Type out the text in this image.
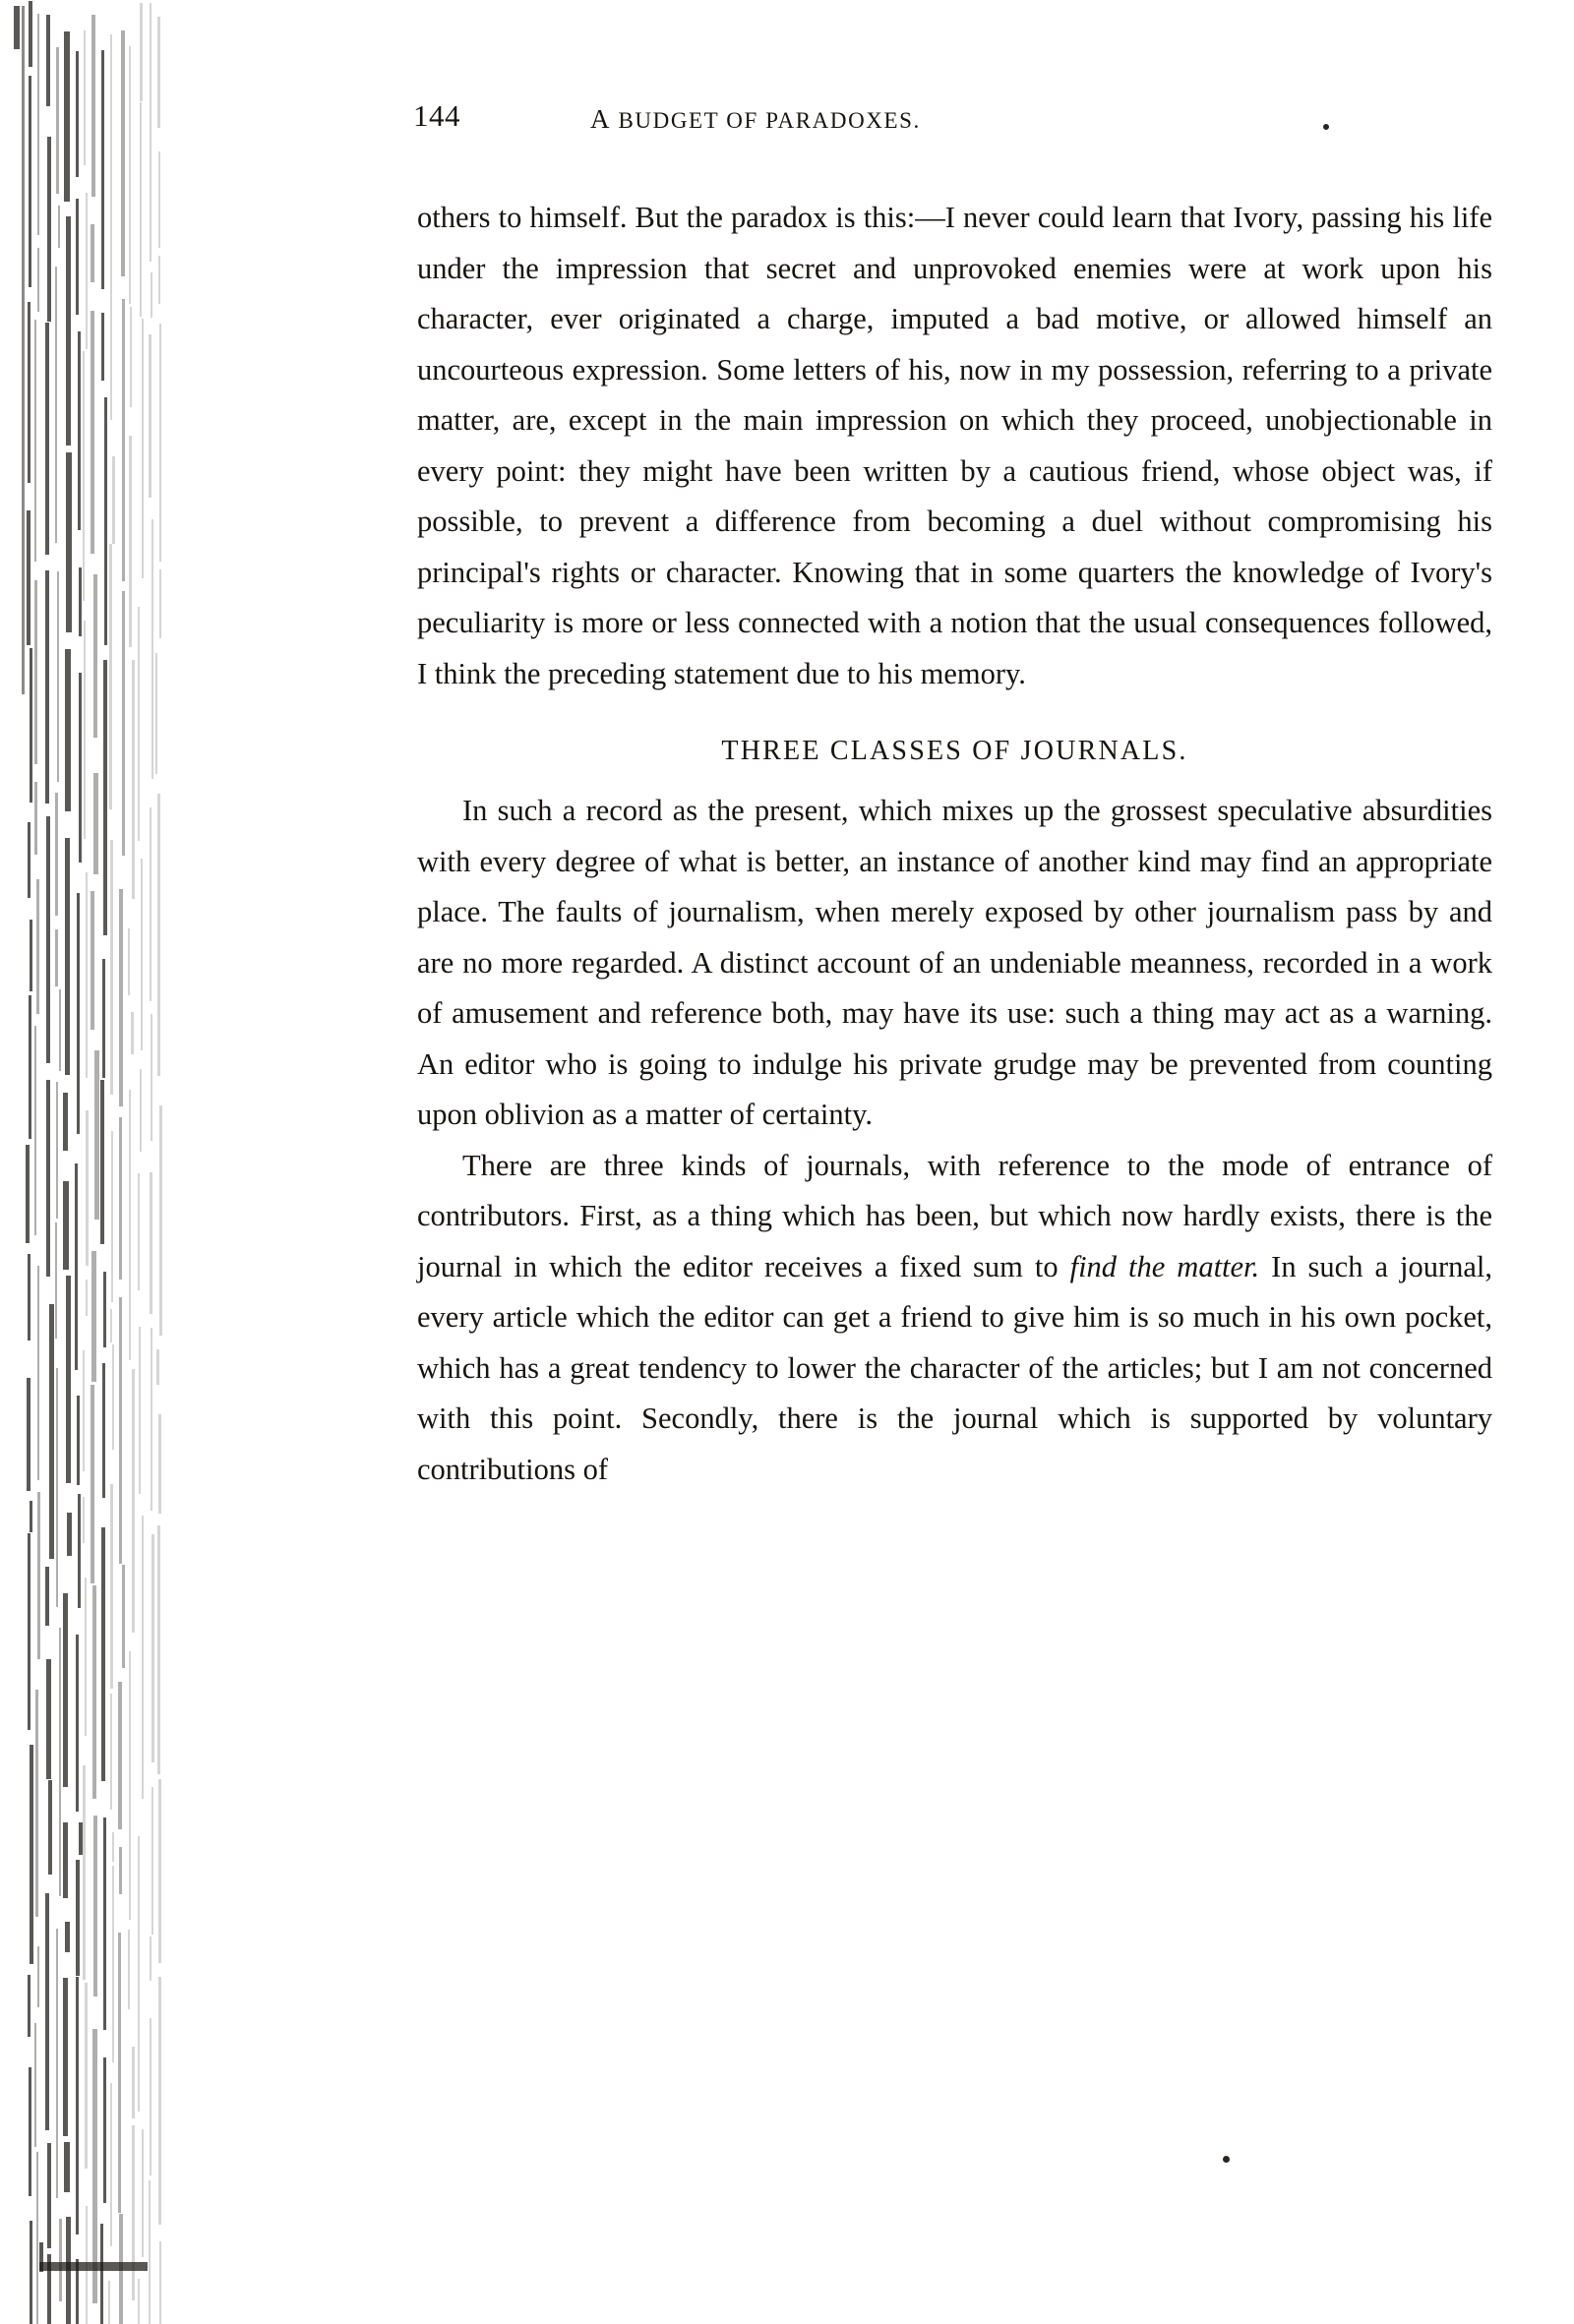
144	A BUDGET OF PARADOXES.

others to himself. But the paradox is this:—I never could learn that Ivory, passing his life under the impression that secret and unprovoked enemies were at work upon his character, ever originated a charge, imputed a bad motive, or allowed himself an uncourteous expression. Some letters of his, now in my possession, referring to a private matter, are, except in the main impression on which they proceed, unobjectionable in every point: they might have been written by a cautious friend, whose object was, if possible, to prevent a difference from becoming a duel without compromising his principal's rights or character. Knowing that in some quarters the knowledge of Ivory's peculiarity is more or less connected with a notion that the usual consequences followed, I think the preceding statement due to his memory.

THREE CLASSES OF JOURNALS.

In such a record as the present, which mixes up the grossest speculative absurdities with every degree of what is better, an instance of another kind may find an appropriate place. The faults of journalism, when merely exposed by other journalism pass by and are no more regarded. A distinct account of an undeniable meanness, recorded in a work of amusement and reference both, may have its use: such a thing may act as a warning. An editor who is going to indulge his private grudge may be prevented from counting upon oblivion as a matter of certainty.

There are three kinds of journals, with reference to the mode of entrance of contributors. First, as a thing which has been, but which now hardly exists, there is the journal in which the editor receives a fixed sum to find the matter. In such a journal, every article which the editor can get a friend to give him is so much in his own pocket, which has a great tendency to lower the character of the articles; but I am not concerned with this point. Secondly, there is the journal which is supported by voluntary contributions of
